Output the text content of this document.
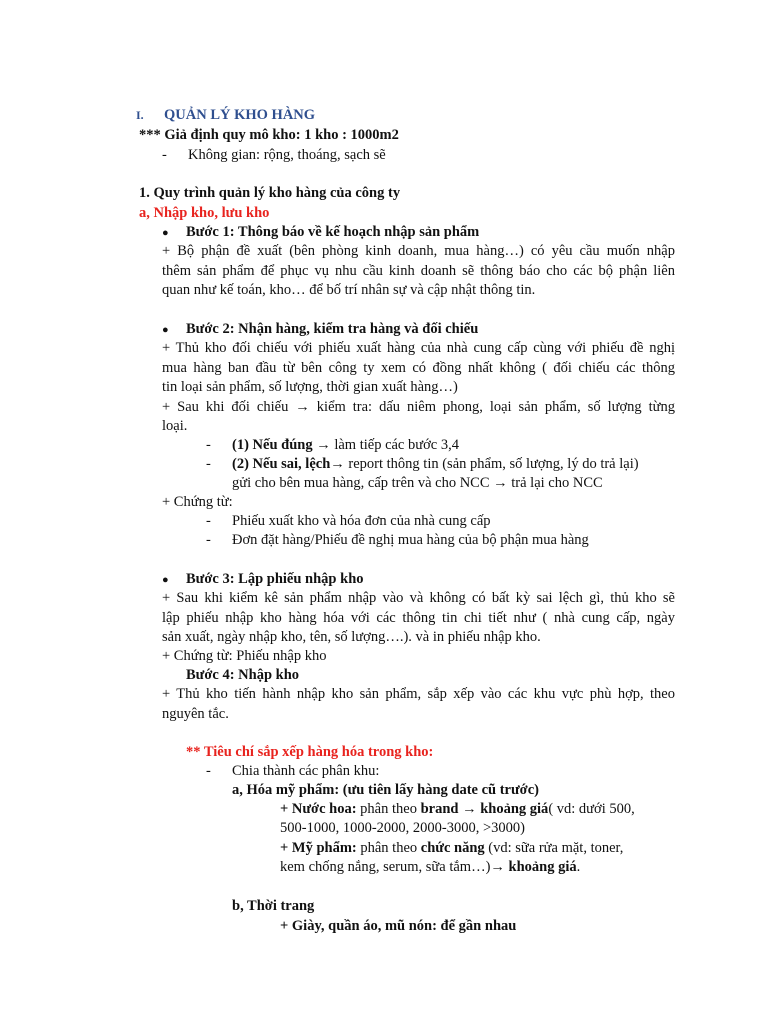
I. QUẢN LÝ KHO HÀNG
*** Giả định quy mô kho: 1 kho : 1000m2
- Không gian: rộng, thoáng, sạch sẽ
1. Quy trình quản lý kho hàng của công ty
a, Nhập kho, lưu kho
● Bước 1: Thông báo về kế hoạch nhập sản phẩm
+ Bộ phận đề xuất (bên phòng kinh doanh, mua hàng…) có yêu cầu muốn nhập
thêm sản phẩm để phục vụ nhu cầu kinh doanh sẽ thông báo cho các bộ phận liên
quan như kế toán, kho… để bố trí nhân sự và cập nhật thông tin.
● Bước 2: Nhận hàng, kiểm tra hàng và đối chiếu
+ Thủ kho đối chiếu với phiếu xuất hàng của nhà cung cấp cùng với phiếu đề nghị
mua hàng ban đầu từ bên công ty xem có đồng nhất không ( đối chiếu các thông
tin loại sản phẩm, số lượng, thời gian xuất hàng…)
+ Sau khi đối chiếu → kiểm tra: dấu niêm phong, loại sản phẩm, số lượng từng
loại.
- (1) Nếu đúng → làm tiếp các bước 3,4
- (2) Nếu sai, lệch→ report thông tin (sản phẩm, số lượng, lý do trả lại)
gửi cho bên mua hàng, cấp trên và cho NCC → trả lại cho NCC
+ Chứng từ:
- Phiếu xuất kho và hóa đơn của nhà cung cấp
- Đơn đặt hàng/Phiếu đề nghị mua hàng của bộ phận mua hàng
● Bước 3: Lập phiếu nhập kho
+ Sau khi kiểm kê sản phẩm nhập vào và không có bất kỳ sai lệch gì, thủ kho sẽ
lập phiếu nhập kho hàng hóa với các thông tin chi tiết như ( nhà cung cấp, ngày
sản xuất, ngày nhập kho, tên, số lượng….). và in phiếu nhập kho.
+ Chứng từ: Phiếu nhập kho
Bước 4: Nhập kho
+ Thủ kho tiến hành nhập kho sản phẩm, sắp xếp vào các khu vực phù hợp, theo
nguyên tắc.
** Tiêu chí sắp xếp hàng hóa trong kho:
- Chia thành các phân khu:
a, Hóa mỹ phẩm: (ưu tiên lấy hàng date cũ trước)
+ Nước hoa: phân theo brand → khoảng giá( vd: dưới 500,
500-1000, 1000-2000, 2000-3000, >3000)
+ Mỹ phẩm: phân theo chức năng (vd: sữa rửa mặt, toner,
kem chống nắng, serum, sữa tắm…)→ khoảng giá.
b, Thời trang
+ Giày, quần áo, mũ nón: để gần nhau
